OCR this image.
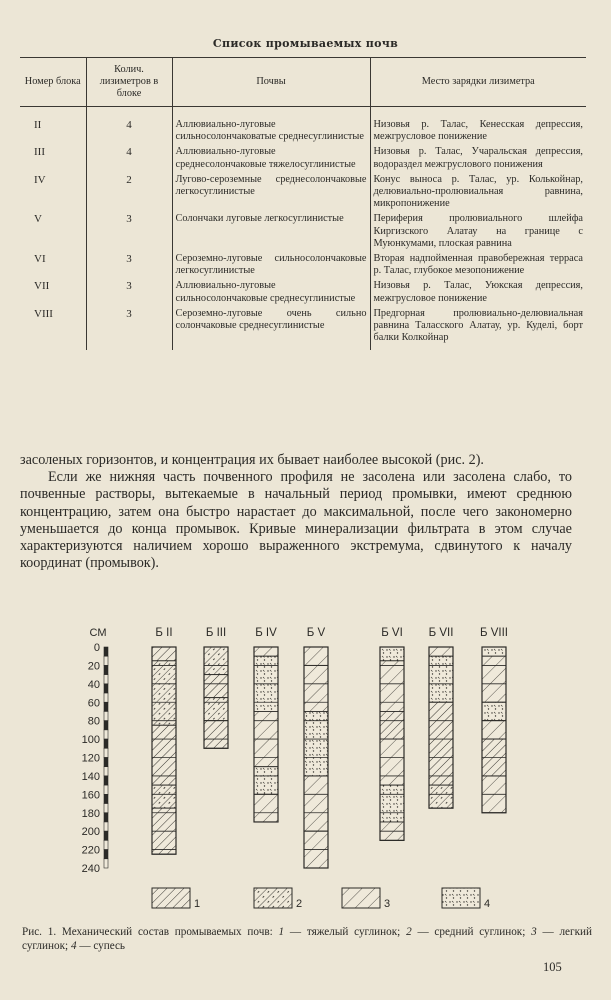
Список промываемых почв
Номер блока	Колич. лизиметров в блоке	Почвы	Место зарядки лизиметра
II	4	Аллювиально-луговые сильносолончаковатые среднесуглинистые	Низовья р. Талас, Кенесская депрессия, межгрусловое понижение
III	4	Аллювиально-луговые среднесолончаковые тяжелосуглинистые	Низовья р. Талас, Учаральская депрессия, водораздел межгруслового понижения
IV	2	Лугово-сероземные среднесолончаковые легкосуглинистые	Конус выноса р. Талас, ур. Колькойнар, делювиально-пролювиальная равнина, микропонижение
V	3	Солончаки луговые легкосуглинистые	Периферия пролювиального шлейфа Киргизского Алатау на границе с Муюнкумами, плоская равнина
VI	3	Сероземно-луговые сильносолончаковые легкосуглинистые	Вторая надпойменная правобережная терраса р. Талас, глубокое мезопонижение
VII	3	Аллювиально-луговые сильносолончаковые среднесуглинистые	Низовья р. Талас, Уюкская депрессия, межгрусловое понижение
VIII	3	Сероземно-луговые очень сильно солончаковые среднесуглинистые	Предгорная пролювиально-делювиальная равнина Таласского Алатау, ур. Куделi, борт балки Колкойнар

засоленых горизонтов, и концентрация их бывает наиболее высокой (рис. 2).

Если же нижняя часть почвенного профиля не засолена или засолена слабо, то почвенные растворы, вытекаемые в начальный период промывки, имеют среднюю концентрацию, затем она быстро нарастает до максимальной, после чего закономерно уменьшается до конца промывок. Кривые минерализации фильтрата в этом случае характеризуются наличием хорошо выраженного экстремума, сдвинутого к началу координат (промывок).

СМ
0
20
40
60
80
100
120
140
160
180
200
220
240
Б II	Б III	Б IV	Б V	Б VI Б VII Б VIII
1	2	3	4
Рис. 1. Механический состав промываемых почв: 1 — тяжелый суглинок; 2 — средний суглинок; 3 — легкий суглинок; 4 — супесь
105
